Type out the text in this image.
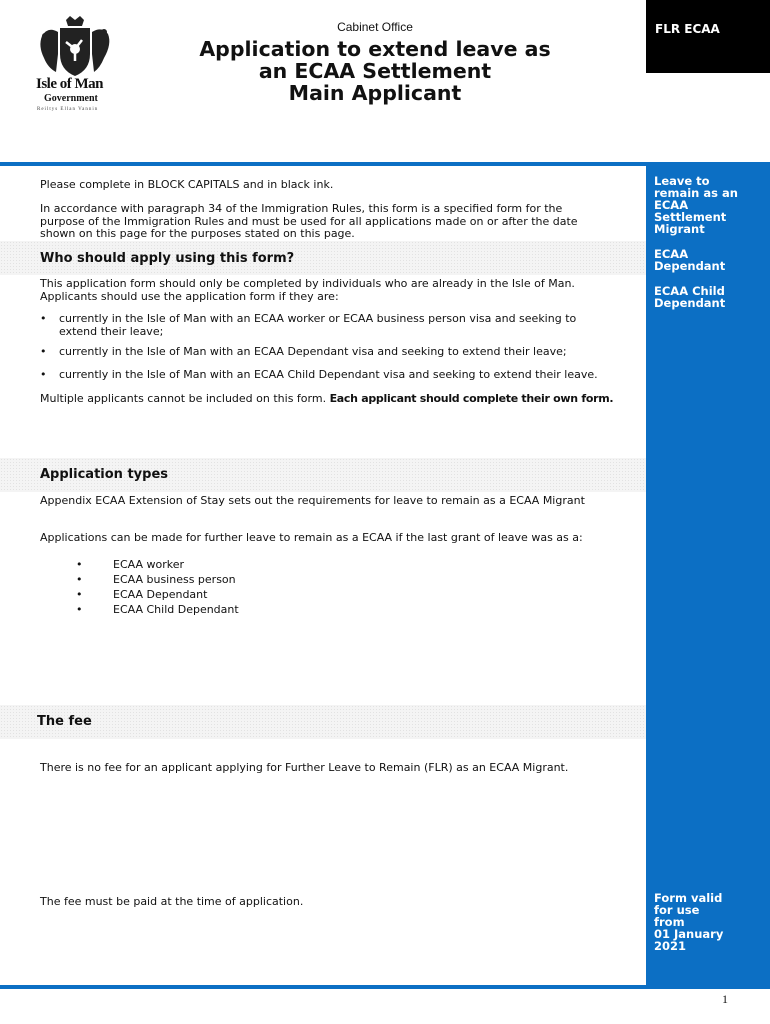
Isle of Man
Government
Reiltys Ellan Vannin
Cabinet Office
Application to extend leave as
an ECAA Settlement
Main Applicant
FLR ECAA
Leave to
remain as an
ECAA
Settlement
Migrant
ECAA
Dependant
ECAA Child
Dependant
Form valid
for use
from
01 January
2021
Please complete in BLOCK CAPITALS and in black ink.
In accordance with paragraph 34 of the Immigration Rules, this form is a specified form for the
purpose of the Immigration Rules and must be used for all applications made on or after the date
shown on this page for the purposes stated on this page.
Who should apply using this form?
This application form should only be completed by individuals who are already in the Isle of Man.
Applicants should use the application form if they are:
• currently in the Isle of Man with an ECAA worker or ECAA business person visa and seeking to
extend their leave;
• currently in the Isle of Man with an ECAA Dependant visa and seeking to extend their leave;
• currently in the Isle of Man with an ECAA Child Dependant visa and seeking to extend their leave.
Multiple applicants cannot be included on this form. Each applicant should complete their own form.
Application types
Appendix ECAA Extension of Stay sets out the requirements for leave to remain as a ECAA Migrant
Applications can be made for further leave to remain as a ECAA if the last grant of leave was as a:
•	ECAA worker
•	ECAA business person
•	ECAA Dependant
•	ECAA Child Dependant
The fee
There is no fee for an applicant applying for Further Leave to Remain (FLR) as an ECAA Migrant.
The fee must be paid at the time of application.
1
